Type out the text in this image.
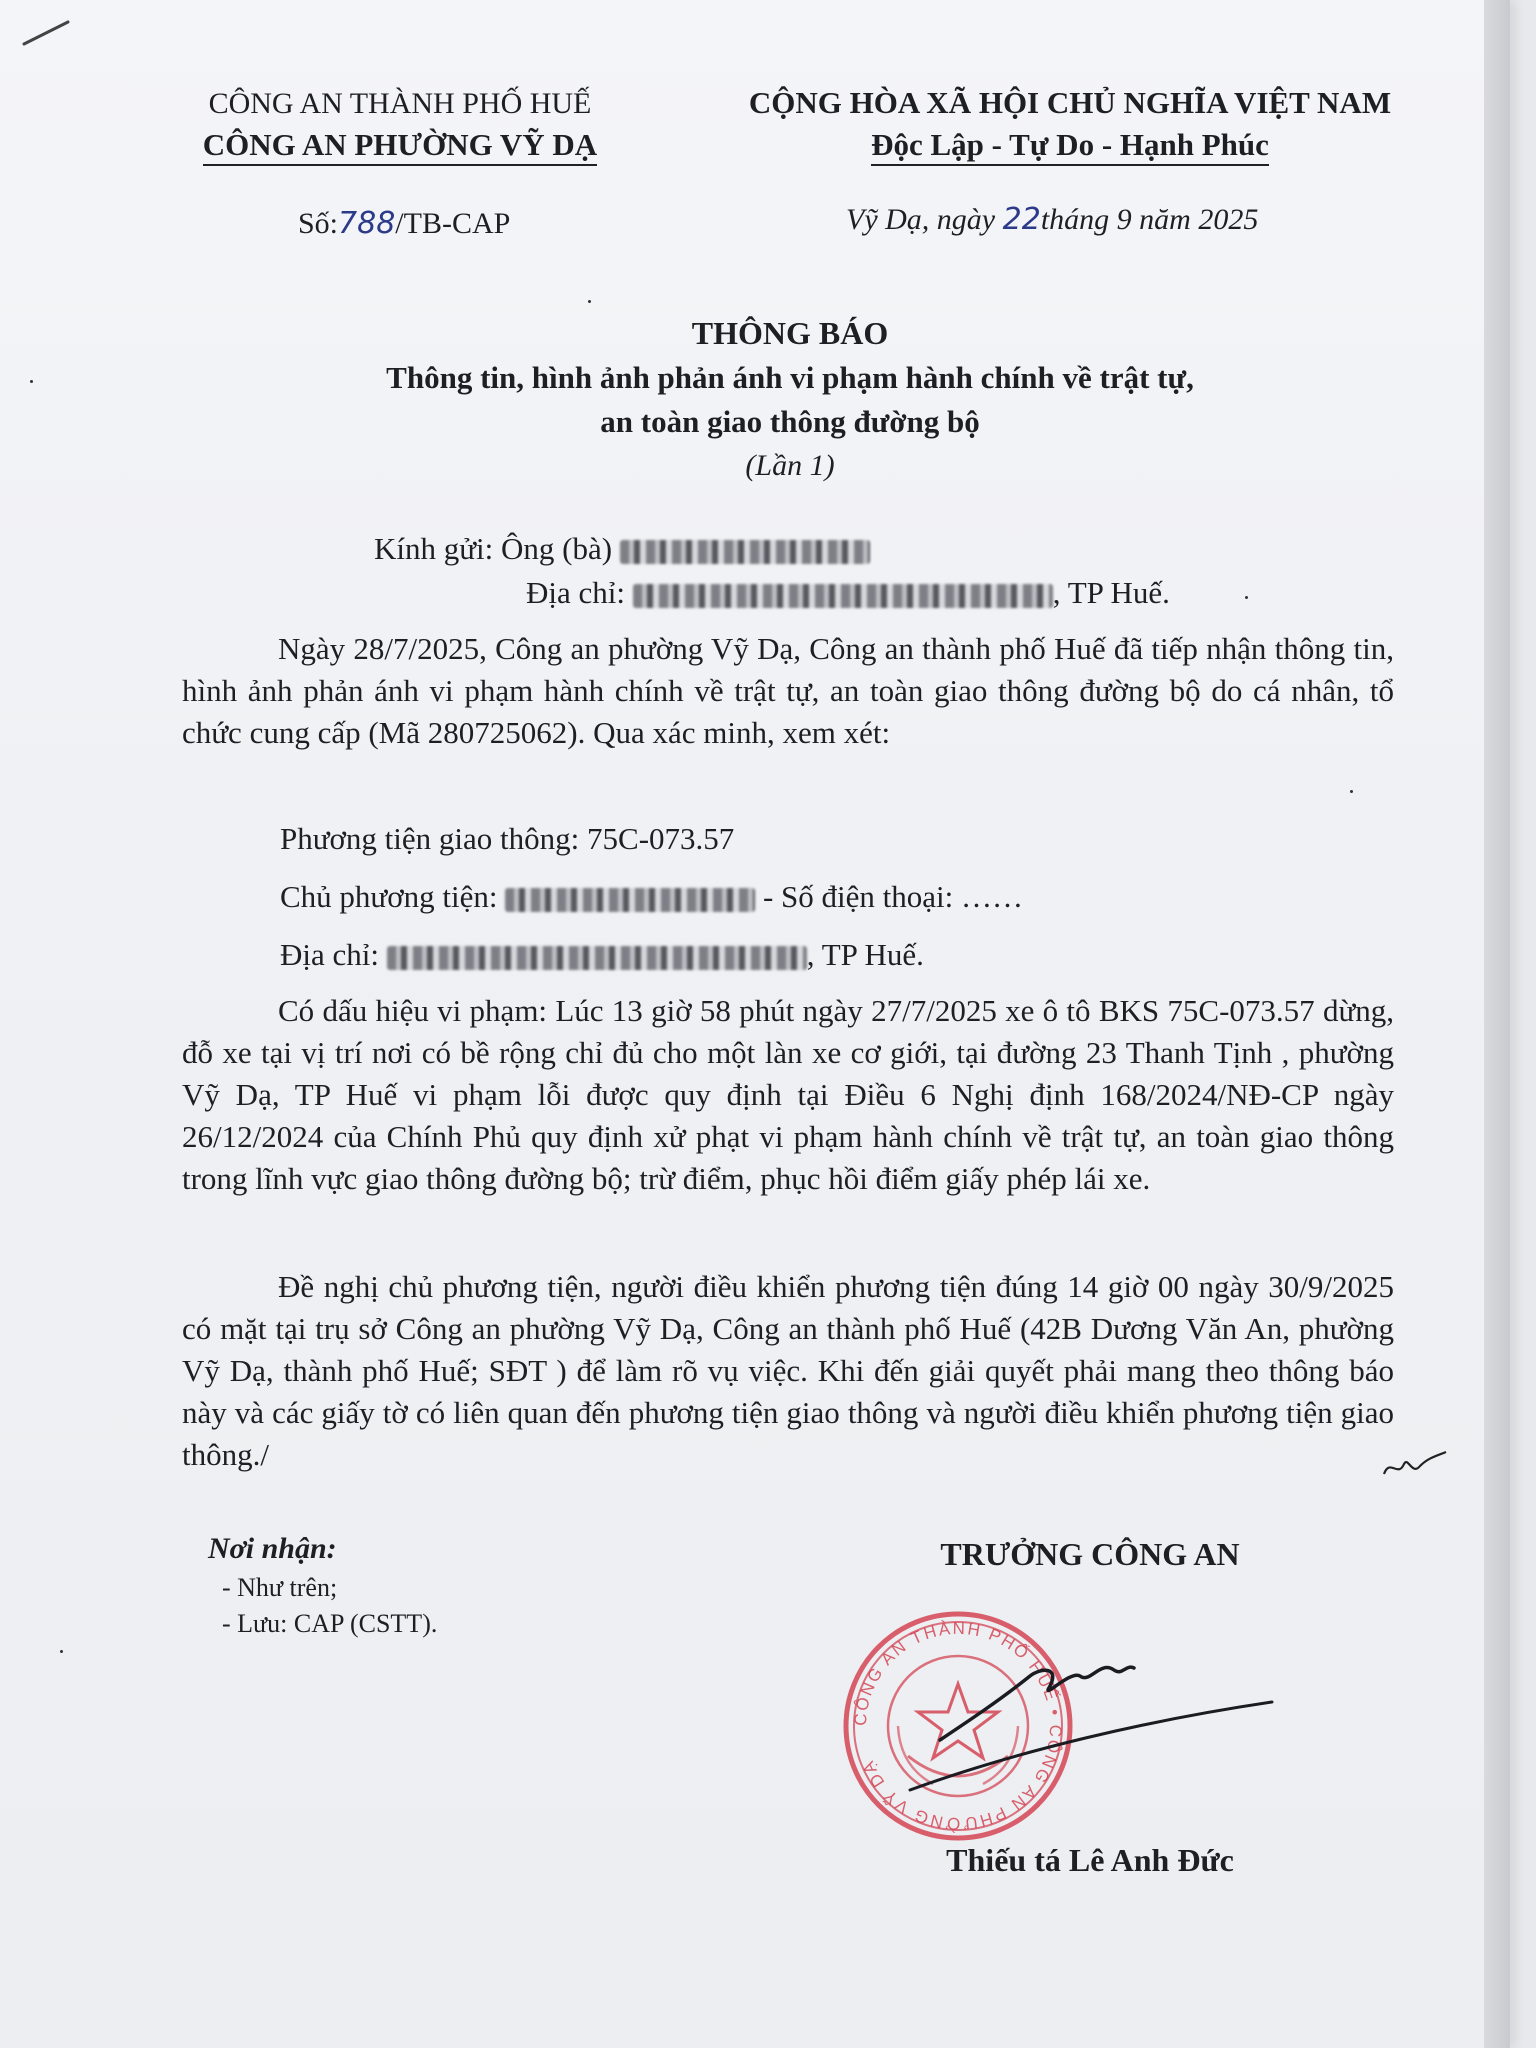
CÔNG AN THÀNH PHỐ HUẾ
CÔNG AN PHƯỜNG VỸ DẠ
CỘNG HÒA XÃ HỘI CHỦ NGHĨA VIỆT NAM
Độc Lập - Tự Do - Hạnh Phúc
Số:788/TB-CAP	Vỹ Dạ, ngày 22tháng 9 năm 2025
THÔNG BÁO
Thông tin, hình ảnh phản ánh vi phạm hành chính về trật tự,
an toàn giao thông đường bộ
(Lần 1)
Kính gửi: Ông (bà)
Địa chỉ:	, TP Huế.
Ngày 28/7/2025, Công an phường Vỹ Dạ, Công an thành phố Huế đã tiếp nhận thông tin, hình ảnh phản ánh vi phạm hành chính về trật tự, an toàn giao thông đường bộ do cá nhân, tổ chức cung cấp (Mã 280725062). Qua xác minh, xem xét:
Phương tiện giao thông: 75C-073.57
Chủ phương tiện:	- Số điện thoại: ……
Địa chỉ:	, TP Huế.
Có dấu hiệu vi phạm: Lúc 13 giờ 58 phút ngày 27/7/2025 xe ô tô BKS 75C-073.57 dừng, đỗ xe tại vị trí nơi có bề rộng chỉ đủ cho một làn xe cơ giới, tại đường 23 Thanh Tịnh , phường Vỹ Dạ, TP Huế vi phạm lỗi được quy định tại Điều 6 Nghị định 168/2024/NĐ-CP ngày 26/12/2024 của Chính Phủ quy định xử phạt vi phạm hành chính về trật tự, an toàn giao thông trong lĩnh vực giao thông đường bộ; trừ điểm, phục hồi điểm giấy phép lái xe.
Đề nghị chủ phương tiện, người điều khiển phương tiện đúng 14 giờ 00 ngày 30/9/2025 có mặt tại trụ sở Công an phường Vỹ Dạ, Công an thành phố Huế (42B Dương Văn An, phường Vỹ Dạ, thành phố Huế; SĐT ) để làm rõ vụ việc. Khi đến giải quyết phải mang theo thông báo này và các giấy tờ có liên quan đến phương tiện giao thông và người điều khiển phương tiện giao thông./
Nơi nhận:
- Như trên;
- Lưu: CAP (CSTT).
TRƯỞNG CÔNG AN
CÔNG AN THÀNH PHỐ HUẾ • CÔNG AN PHƯỜNG VỸ DẠ
Thiếu tá Lê Anh Đức
